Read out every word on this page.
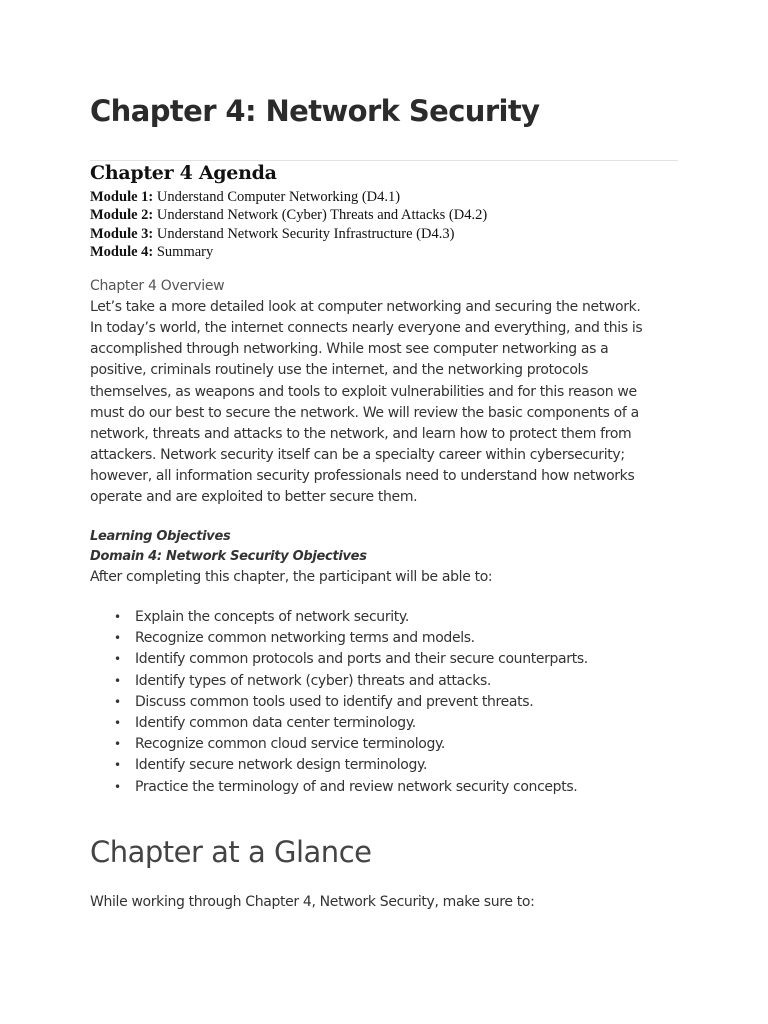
Chapter 4: Network Security
Chapter 4 Agenda
Module 1: Understand Computer Networking (D4.1)
Module 2: Understand Network (Cyber) Threats and Attacks (D4.2)
Module 3: Understand Network Security Infrastructure (D4.3)
Module 4: Summary
Chapter 4 Overview

Let’s take a more detailed look at computer networking and securing the network.

In today’s world, the internet connects nearly everyone and everything, and this is

accomplished through networking. While most see computer networking as a

positive, criminals routinely use the internet, and the networking protocols

themselves, as weapons and tools to exploit vulnerabilities and for this reason we

must do our best to secure the network. We will review the basic components of a

network, threats and attacks to the network, and learn how to protect them from

attackers. Network security itself can be a specialty career within cybersecurity;

however, all information security professionals need to understand how networks

operate and are exploited to better secure them.

Learning Objectives

Domain 4: Network Security Objectives

After completing this chapter, the participant will be able to:

• Explain the concepts of network security.
• Recognize common networking terms and models.
• Identify common protocols and ports and their secure counterparts.
• Identify types of network (cyber) threats and attacks.
• Discuss common tools used to identify and prevent threats.
• Identify common data center terminology.
• Recognize common cloud service terminology.
• Identify secure network design terminology.
• Practice the terminology of and review network security concepts.
Chapter at a Glance

While working through Chapter 4, Network Security, make sure to:
